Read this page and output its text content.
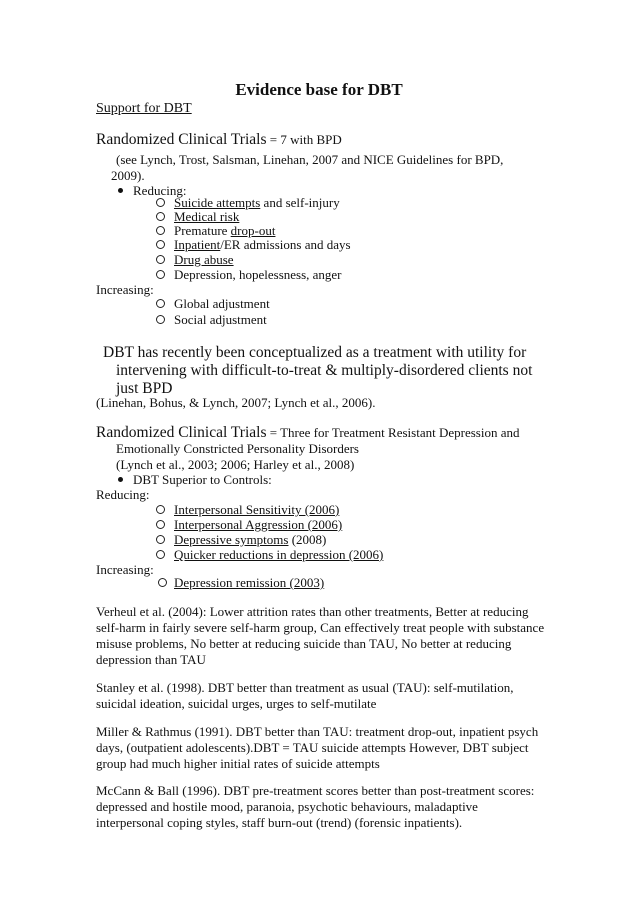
Evidence base for DBT
Support for DBT
Randomized Clinical Trials = 7 with BPD
(see Lynch, Trost, Salsman, Linehan, 2007 and NICE Guidelines for BPD,
2009).
Reducing:
Suicide attempts and self-injury
Medical risk
Premature drop-out
Inpatient/ER admissions and days
Drug abuse
Depression, hopelessness, anger
Increasing:
Global adjustment
Social adjustment
DBT has recently been conceptualized as a treatment with utility for
intervening with difficult-to-treat & multiply-disordered clients not
just BPD
(Linehan, Bohus, & Lynch, 2007; Lynch et al., 2006).
Randomized Clinical Trials = Three for Treatment Resistant Depression and
Emotionally Constricted Personality Disorders
(Lynch et al., 2003; 2006; Harley et al., 2008)
DBT Superior to Controls:
Reducing:
Interpersonal Sensitivity (2006)
Interpersonal Aggression (2006)
Depressive symptoms (2008)
Quicker reductions in depression (2006)
Increasing:
Depression remission (2003)
Verheul et al. (2004): Lower attrition rates than other treatments, Better at reducing
self-harm in fairly severe self-harm group, Can effectively treat people with substance
misuse problems, No better at reducing suicide than TAU, No better at reducing
depression than TAU
Stanley et al. (1998). DBT better than treatment as usual (TAU): self-mutilation,
suicidal ideation, suicidal urges, urges to self-mutilate
Miller & Rathmus (1991). DBT better than TAU: treatment drop-out, inpatient psych
days, (outpatient adolescents).DBT = TAU suicide attempts However, DBT subject
group had much higher initial rates of suicide attempts
McCann & Ball (1996). DBT pre-treatment scores better than post-treatment scores:
depressed and hostile mood, paranoia, psychotic behaviours, maladaptive
interpersonal coping styles, staff burn-out (trend) (forensic inpatients).
